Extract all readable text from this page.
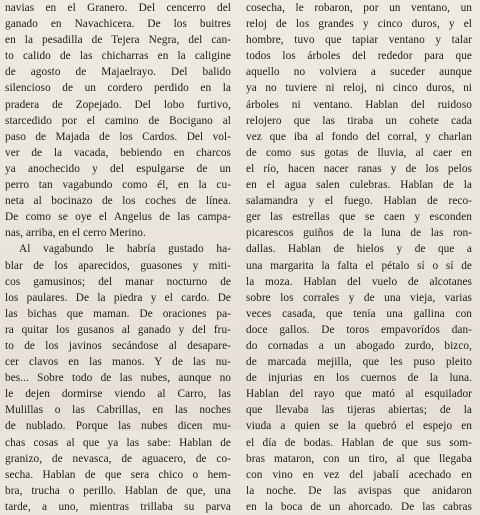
navias en el Granero. Del cencerro del
ganado en Navachicera. De los buitres
en la pesadilla de Tejera Negra, del can-
to calido de las chicharras en la caligine
de agosto de Majaelrayo. Del balido
silencioso de un cordero perdido en la
pradera de Zopejado. Del lobo furtivo,
starcedido por el camino de Bocigano al
paso de Majada de los Cardos. Del vol-
ver de la vacada, bebiendo en charcos
ya anochecido y del espulgarse de un
perro tan vagabundo como él, en la cu-
neta al bocinazo de los coches de línea.
De como se oye el Angelus de las campa-
nas, arriba, en el cerro Merino.
Al vagabundo le habría gustado ha-
blar de los aparecidos, guasones y miti-
cos gamusinos; del manar nocturno de
los paulares. De la piedra y el cardo. De
las bichas que maman. De oraciones pa-
ra quitar los gusanos al ganado y del fru-
to de los javinos secándose al desapare-
cer clavos en las manos. Y de las nu-
bes... Sobre todo de las nubes, aunque no
le dejen dormirse viendo al Carro, las
Mulillas o las Cabrillas, en las noches
de nublado. Porque las nubes dicen mu-
chas cosas al que ya las sabe: Hablan de
granizo, de nevasca, de aguacero, de co-
secha. Hablan de que sera chico o hem-
bra, trucha o perillo. Hablan de que, una
tarde, a uno, mientras trillaba su parva
cosecha, le robaron, por un ventano, un
reloj de los grandes y cinco duros, y el
hombre, tuvo que tapiar ventano y talar
todos los árboles del rededor para que
aquello no volviera a suceder aunque
ya no tuviere ni reloj, ni cinco duros, ni
árboles ni ventano. Hablan del ruidoso
relojero que las tiraba un cohete cada
vez que iba al fondo del corral, y charlan
de como sus gotas de lluvia, al caer en
el río, hacen nacer ranas y de los pelos
en el agua salen culebras. Hablan de la
salamandra y el fuego. Hablan de reco-
ger las estrellas que se caen y esconden
picarescos guiños de la luna de las ron-
dallas. Hablan de hielos y de que a
una margarita la falta el pétalo sí o sí de
la moza. Hablan del vuelo de alcotanes
sobre los corrales y de una vieja, varias
veces casada, que tenía una gallina con
doce gallos. De toros empavorídos dan-
do cornadas a un abogado zurdo, bizco,
de marcada mejilla, que les puso pleito
de injurias en los cuernos de la luna.
Hablan del rayo que mató al esquilador
que llevaba las tijeras abiertas; de la
viuda a quien se la quebró el espejo en
el día de bodas. Hablan de que sus som-
bras mataron, con un tiro, al que llegaba
con vino en vez del jabalí acechado en
la noche. De las avispas que anidaron
en la boca de un ahorcado. De las cabras
